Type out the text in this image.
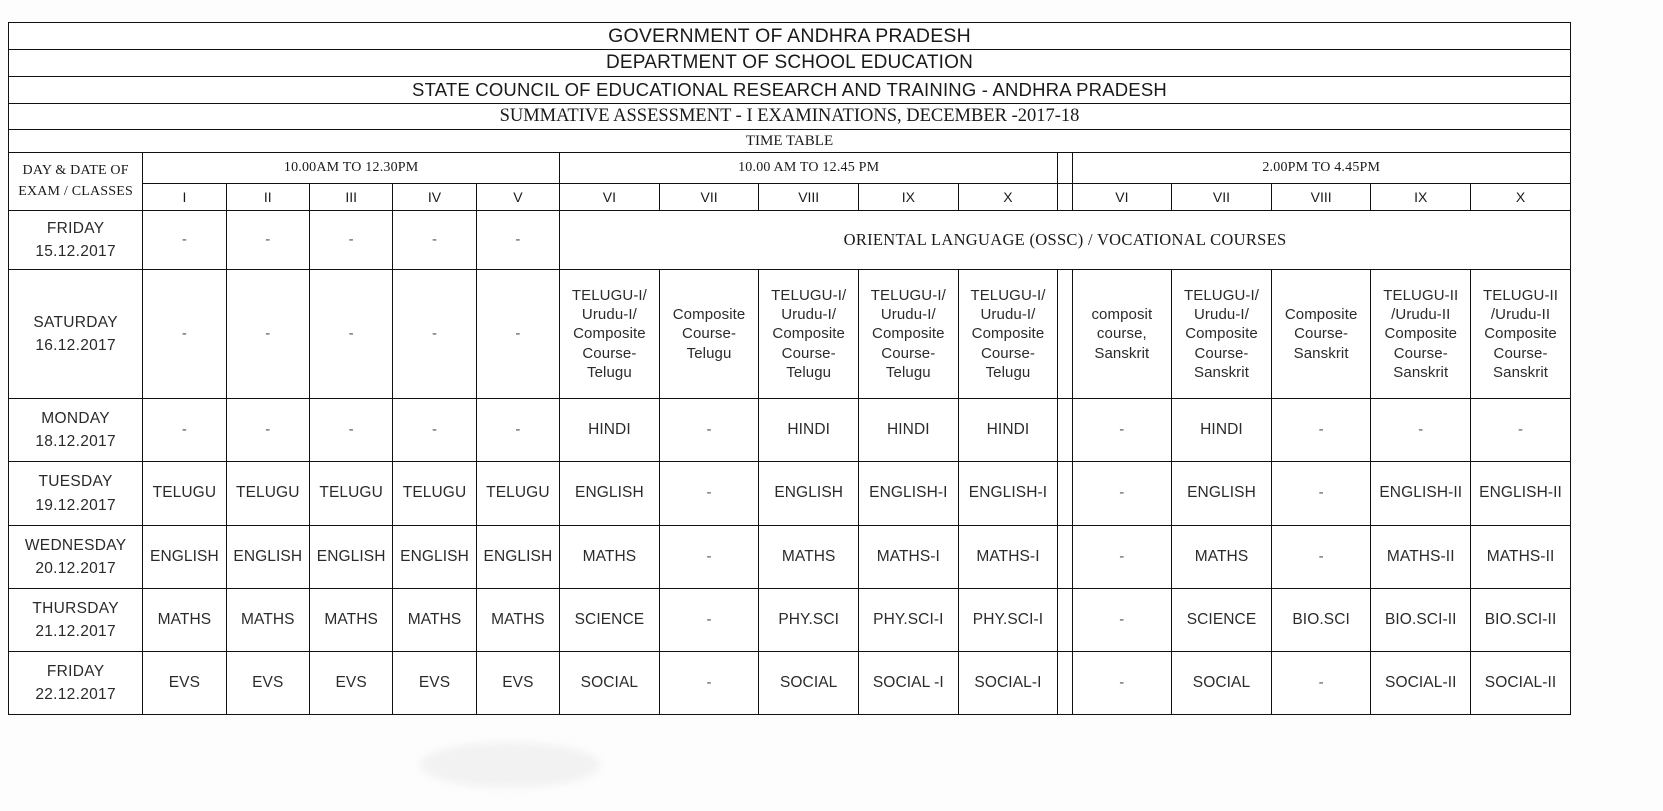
GOVERNMENT OF ANDHRA PRADESH																
DEPARTMENT OF SCHOOL EDUCATION																
STATE COUNCIL OF EDUCATIONAL RESEARCH AND TRAINING - ANDHRA PRADESH																
SUMMATIVE ASSESSMENT - I EXAMINATIONS, DECEMBER -2017-18																
TIME TABLE																

DAY & DATE OF
EXAM / CLASSES	10.00AM TO 12.30PM					10.00 AM TO 12.45 PM						2.00PM TO 4.45PM				
	I	II	III	IV	V	VI	VII	VIII	IX	X		VI	VII	VIII	IX	X

FRIDAY
15.12.2017	-	-	-	-	-	ORIENTAL LANGUAGE (OSSC) / VOCATIONAL COURSES										

SATURDAY
16.12.2017	-	-	-	-	-	TELUGU-I/
Urudu-I/
Composite
Course-
Telugu	Composite
Course-
Telugu	TELUGU-I/
Urudu-I/
Composite
Course-
Telugu	TELUGU-I/
Urudu-I/
Composite
Course-
Telugu	TELUGU-I/
Urudu-I/
Composite
Course-
Telugu		composit
course,
Sanskrit	TELUGU-I/
Urudu-I/
Composite
Course-
Sanskrit	Composite
Course-
Sanskrit	TELUGU-II
/Urudu-II
Composite
Course-
Sanskrit	TELUGU-II
/Urudu-II
Composite
Course-
Sanskrit

MONDAY
18.12.2017	-	-	-	-	-	HINDI	-	HINDI	HINDI	HINDI		-	HINDI	-	-	-

TUESDAY
19.12.2017	TELUGU	TELUGU	TELUGU	TELUGU	TELUGU	ENGLISH	-	ENGLISH	ENGLISH-I	ENGLISH-I		-	ENGLISH	-	ENGLISH-II	ENGLISH-II

WEDNESDAY
20.12.2017	ENGLISH	ENGLISH	ENGLISH	ENGLISH	ENGLISH	MATHS	-	MATHS	MATHS-I	MATHS-I		-	MATHS	-	MATHS-II	MATHS-II

THURSDAY
21.12.2017	MATHS	MATHS	MATHS	MATHS	MATHS	SCIENCE	-	PHY.SCI	PHY.SCI-I	PHY.SCI-I		-	SCIENCE	BIO.SCI	BIO.SCI-II	BIO.SCI-II

FRIDAY
22.12.2017	EVS	EVS	EVS	EVS	EVS	SOCIAL	-	SOCIAL	SOCIAL -I	SOCIAL-I		-	SOCIAL	-	SOCIAL-II	SOCIAL-II
